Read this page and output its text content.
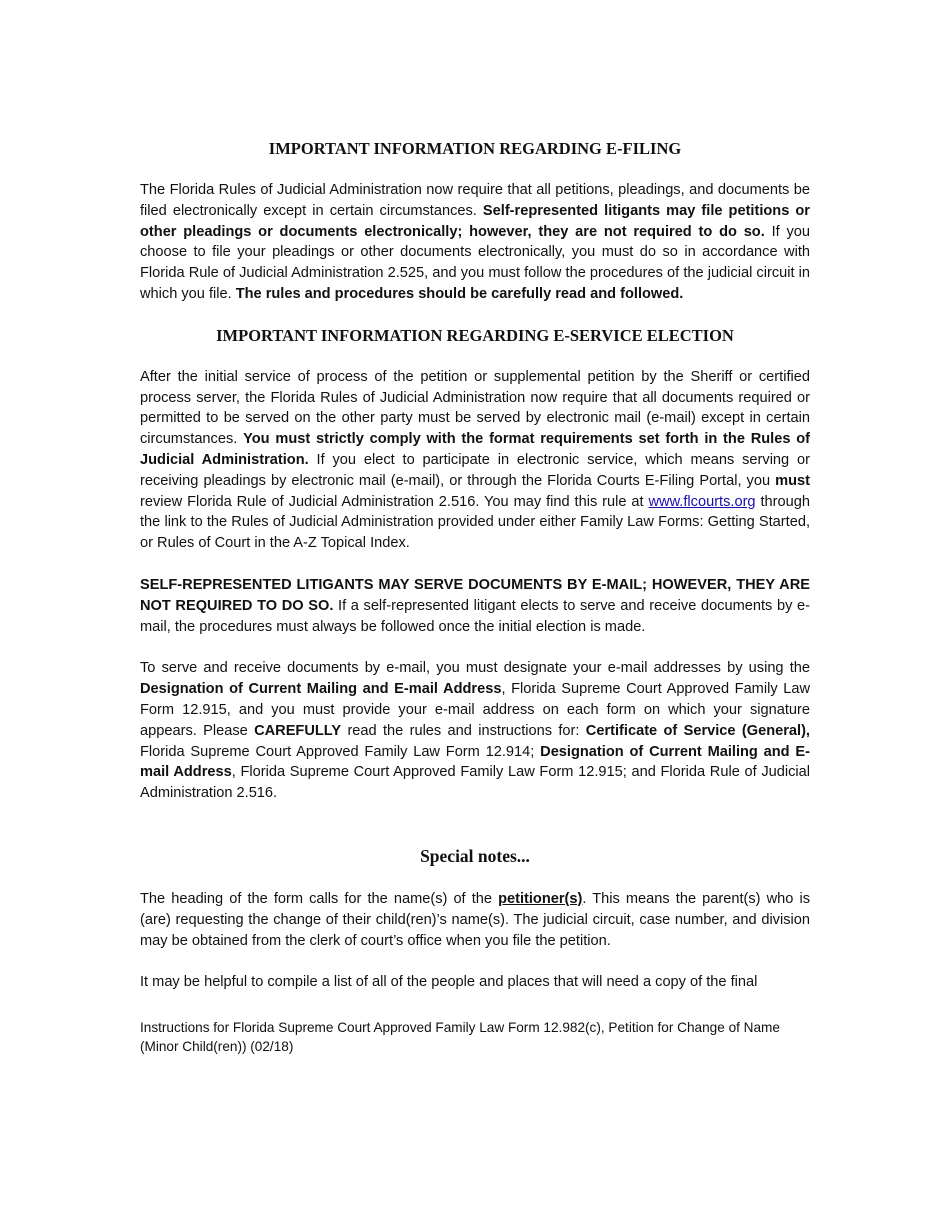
IMPORTANT INFORMATION REGARDING E-FILING

The Florida Rules of Judicial Administration now require that all petitions, pleadings, and documents be filed electronically except in certain circumstances. Self-represented litigants may file petitions or other pleadings or documents electronically; however, they are not required to do so. If you choose to file your pleadings or other documents electronically, you must do so in accordance with Florida Rule of Judicial Administration 2.525, and you must follow the procedures of the judicial circuit in which you file. The rules and procedures should be carefully read and followed.

IMPORTANT INFORMATION REGARDING E-SERVICE ELECTION

After the initial service of process of the petition or supplemental petition by the Sheriff or certified process server, the Florida Rules of Judicial Administration now require that all documents required or permitted to be served on the other party must be served by electronic mail (e-mail) except in certain circumstances. You must strictly comply with the format requirements set forth in the Rules of Judicial Administration. If you elect to participate in electronic service, which means serving or receiving pleadings by electronic mail (e-mail), or through the Florida Courts E-Filing Portal, you must review Florida Rule of Judicial Administration 2.516. You may find this rule at www.flcourts.org through the link to the Rules of Judicial Administration provided under either Family Law Forms: Getting Started, or Rules of Court in the A-Z Topical Index.

SELF-REPRESENTED LITIGANTS MAY SERVE DOCUMENTS BY E-MAIL; HOWEVER, THEY ARE NOT REQUIRED TO DO SO. If a self-represented litigant elects to serve and receive documents by e-mail, the procedures must always be followed once the initial election is made.

To serve and receive documents by e-mail, you must designate your e-mail addresses by using the Designation of Current Mailing and E-mail Address, Florida Supreme Court Approved Family Law Form 12.915, and you must provide your e-mail address on each form on which your signature appears. Please CAREFULLY read the rules and instructions for: Certificate of Service (General), Florida Supreme Court Approved Family Law Form 12.914; Designation of Current Mailing and E-mail Address, Florida Supreme Court Approved Family Law Form 12.915; and Florida Rule of Judicial Administration 2.516.

Special notes...

The heading of the form calls for the name(s) of the petitioner(s). This means the parent(s) who is (are) requesting the change of their child(ren)’s name(s). The judicial circuit, case number, and division may be obtained from the clerk of court’s office when you file the petition.

It may be helpful to compile a list of all of the people and places that will need a copy of the final

Instructions for Florida Supreme Court Approved Family Law Form 12.982(c), Petition for Change of Name
(Minor Child(ren)) (02/18)
